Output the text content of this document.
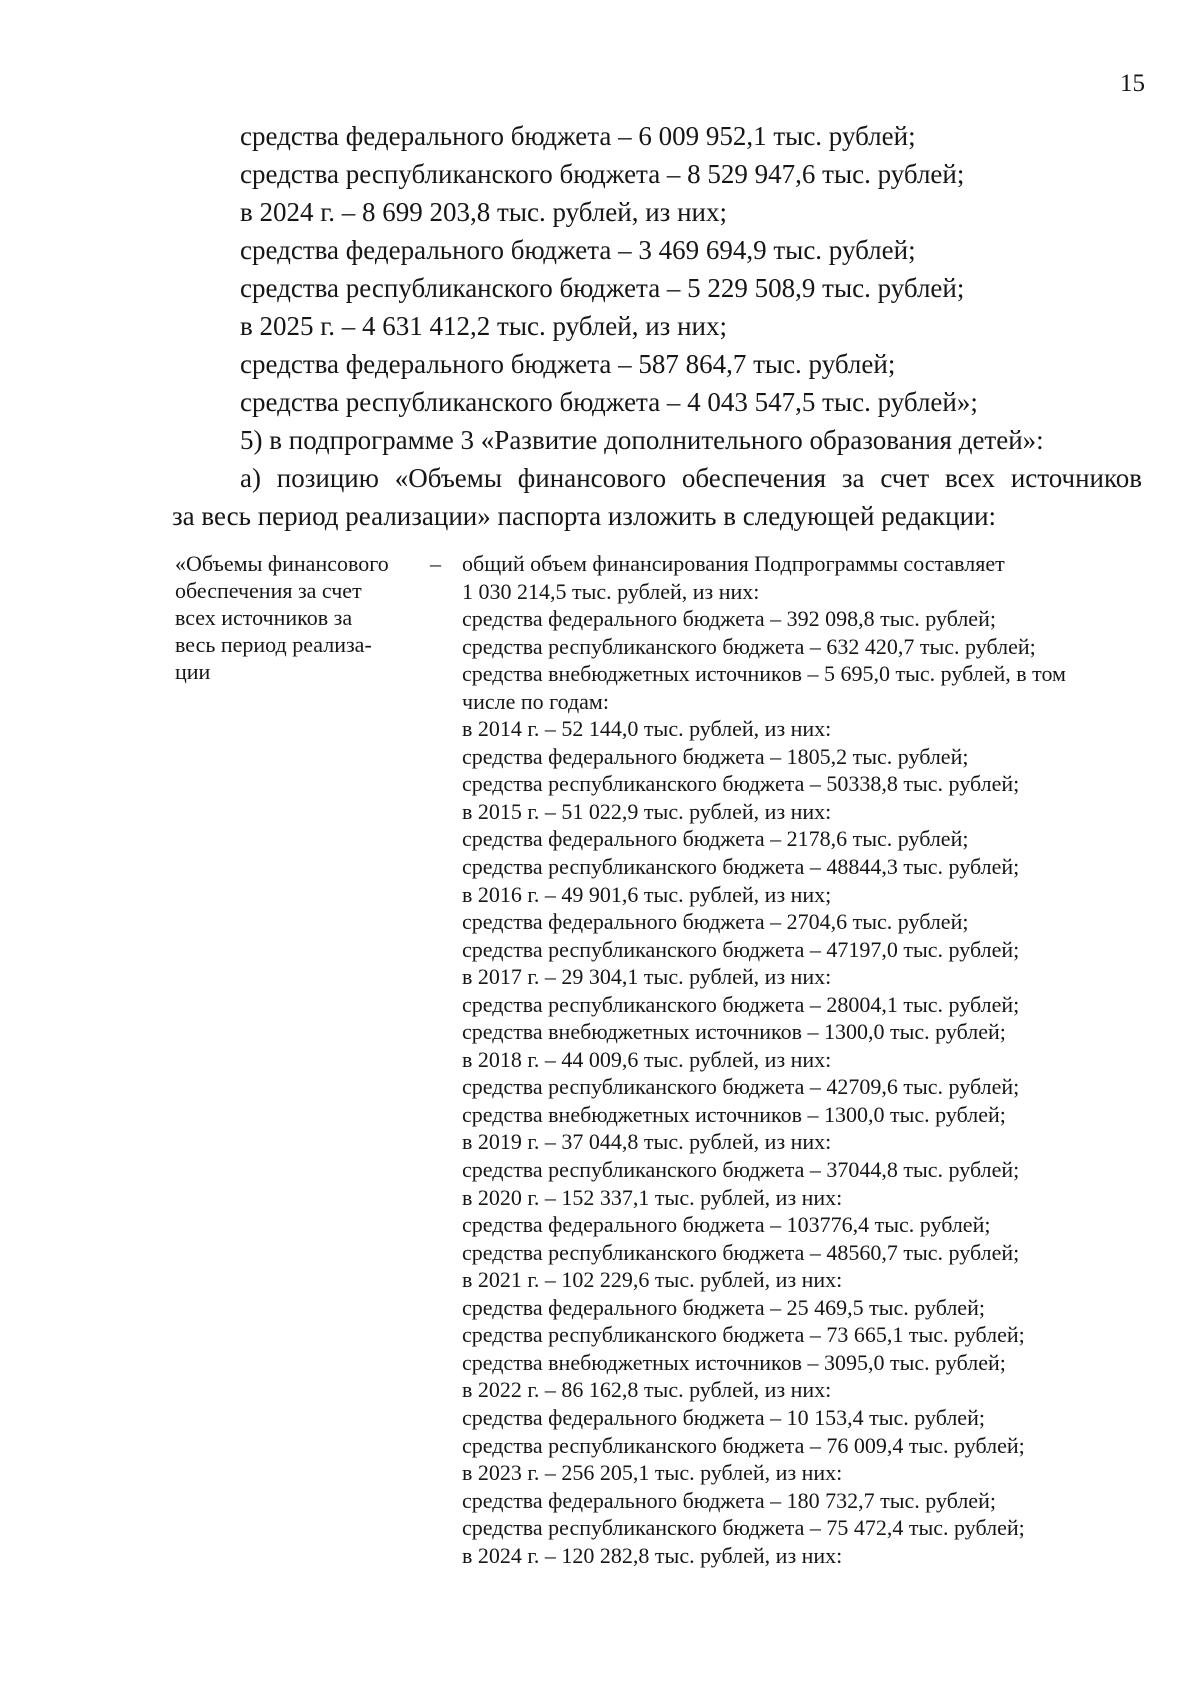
15
средства федерального бюджета – 6 009 952,1 тыс. рублей;
средства республиканского бюджета – 8 529 947,6 тыс. рублей;
в 2024 г. – 8 699 203,8 тыс. рублей, из них;
средства федерального бюджета – 3 469 694,9 тыс. рублей;
средства республиканского бюджета – 5 229 508,9 тыс. рублей;
в 2025 г. – 4 631 412,2 тыс. рублей, из них;
средства федерального бюджета – 587 864,7 тыс. рублей;
средства республиканского бюджета – 4 043 547,5 тыс. рублей»;
5) в подпрограмме 3 «Развитие дополнительного образования детей»:
а) позицию «Объемы финансового обеспечения за счет всех источников
за весь период реализации» паспорта изложить в следующей редакции:
«Объемы финансового
обеспечения за счет
всех источников за
весь период реализа-
ции
– общий объем финансирования Подпрограммы составляет
1 030 214,5 тыс. рублей, из них:
средства федерального бюджета – 392 098,8 тыс. рублей;
средства республиканского бюджета – 632 420,7 тыс. рублей;
средства внебюджетных источников – 5 695,0 тыс. рублей, в том
числе по годам:
в 2014 г. – 52 144,0 тыс. рублей, из них:
средства федерального бюджета – 1805,2 тыс. рублей;
средства республиканского бюджета – 50338,8 тыс. рублей;
в 2015 г. – 51 022,9 тыс. рублей, из них:
средства федерального бюджета – 2178,6 тыс. рублей;
средства республиканского бюджета – 48844,3 тыс. рублей;
в 2016 г. – 49 901,6 тыс. рублей, из них;
средства федерального бюджета – 2704,6 тыс. рублей;
средства республиканского бюджета – 47197,0 тыс. рублей;
в 2017 г. – 29 304,1 тыс. рублей, из них:
средства республиканского бюджета – 28004,1 тыс. рублей;
средства внебюджетных источников – 1300,0 тыс. рублей;
в 2018 г. – 44 009,6 тыс. рублей, из них:
средства республиканского бюджета – 42709,6 тыс. рублей;
средства внебюджетных источников – 1300,0 тыс. рублей;
в 2019 г. – 37 044,8 тыс. рублей, из них:
средства республиканского бюджета – 37044,8 тыс. рублей;
в 2020 г. – 152 337,1 тыс. рублей, из них:
средства федерального бюджета – 103776,4 тыс. рублей;
средства республиканского бюджета – 48560,7 тыс. рублей;
в 2021 г. – 102 229,6 тыс. рублей, из них:
средства федерального бюджета – 25 469,5 тыс. рублей;
средства республиканского бюджета – 73 665,1 тыс. рублей;
средства внебюджетных источников – 3095,0 тыс. рублей;
в 2022 г. – 86 162,8 тыс. рублей, из них:
средства федерального бюджета – 10 153,4 тыс. рублей;
средства республиканского бюджета – 76 009,4 тыс. рублей;
в 2023 г. – 256 205,1 тыс. рублей, из них:
средства федерального бюджета – 180 732,7 тыс. рублей;
средства республиканского бюджета – 75 472,4 тыс. рублей;
в 2024 г. – 120 282,8 тыс. рублей, из них:
